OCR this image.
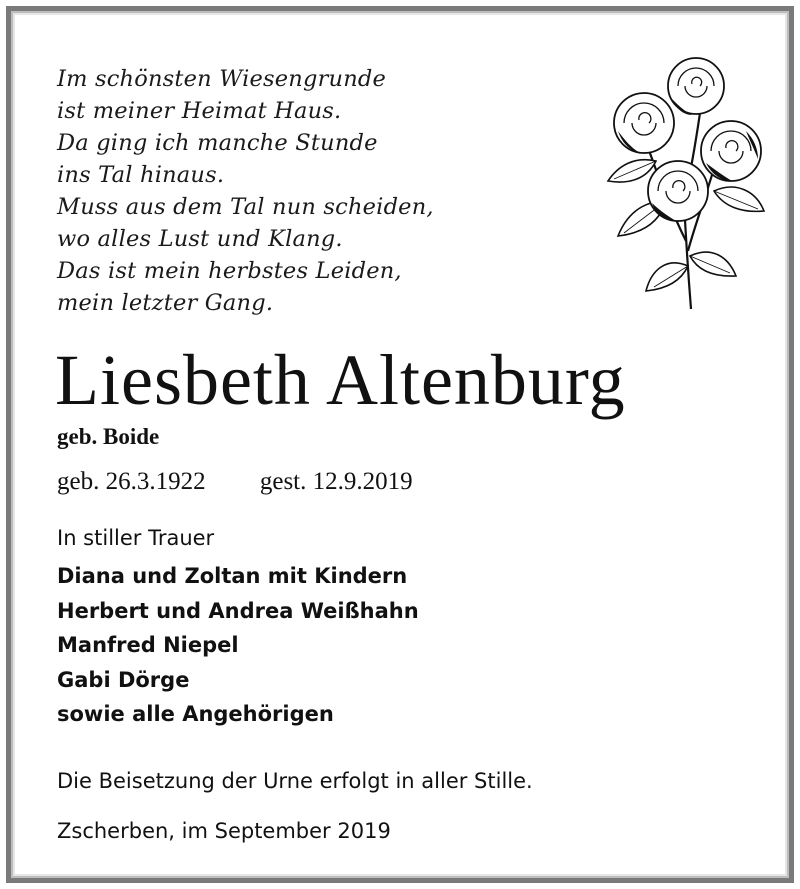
Im schönsten Wiesengrunde
ist meiner Heimat Haus.
Da ging ich manche Stunde
ins Tal hinaus.
Muss aus dem Tal nun scheiden,
wo alles Lust und Klang.
Das ist mein herbstes Leiden,
mein letzter Gang.
Liesbeth Altenburg
geb. Boide
geb. 26.3.1922 gest. 12.9.2019
In stiller Trauer
Diana und Zoltan mit Kindern
Herbert und Andrea Weißhahn
Manfred Niepel
Gabi Dörge
sowie alle Angehörigen
Die Beisetzung der Urne erfolgt in aller Stille.
Zscherben, im September 2019
